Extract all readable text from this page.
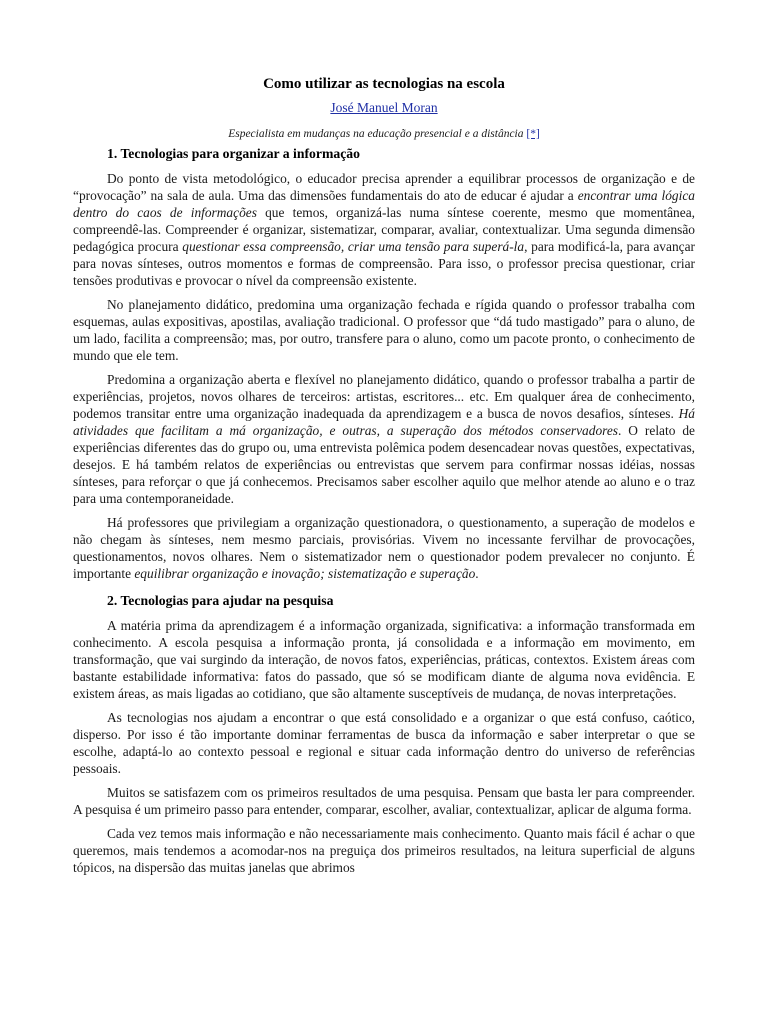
Como utilizar as tecnologias na escola
José Manuel Moran
Especialista em mudanças na educação presencial e a distância [*]
1. Tecnologias para organizar a informação

Do ponto de vista metodológico, o educador precisa aprender a equilibrar processos de organização e de “provocação” na sala de aula. Uma das dimensões fundamentais do ato de educar é ajudar a encontrar uma lógica dentro do caos de informações que temos, organizá-las numa síntese coerente, mesmo que momentânea, compreendê-las. Compreender é organizar, sistematizar, comparar, avaliar, contextualizar. Uma segunda dimensão pedagógica procura questionar essa compreensão, criar uma tensão para superá-la, para modificá-la, para avançar para novas sínteses, outros momentos e formas de compreensão. Para isso, o professor precisa questionar, criar tensões produtivas e provocar o nível da compreensão existente.

No planejamento didático, predomina uma organização fechada e rígida quando o professor trabalha com esquemas, aulas expositivas, apostilas, avaliação tradicional. O professor que “dá tudo mastigado” para o aluno, de um lado, facilita a compreensão; mas, por outro, transfere para o aluno, como um pacote pronto, o conhecimento de mundo que ele tem.

Predomina a organização aberta e flexível no planejamento didático, quando o professor trabalha a partir de experiências, projetos, novos olhares de terceiros: artistas, escritores... etc. Em qualquer área de conhecimento, podemos transitar entre uma organização inadequada da aprendizagem e a busca de novos desafios, sínteses. Há atividades que facilitam a má organização, e outras, a superação dos métodos conservadores. O relato de experiências diferentes das do grupo ou, uma entrevista polêmica podem desencadear novas questões, expectativas, desejos. E há também relatos de experiências ou entrevistas que servem para confirmar nossas idéias, nossas sínteses, para reforçar o que já conhecemos. Precisamos saber escolher aquilo que melhor atende ao aluno e o traz para uma contemporaneidade.

Há professores que privilegiam a organização questionadora, o questionamento, a superação de modelos e não chegam às sínteses, nem mesmo parciais, provisórias. Vivem no incessante fervilhar de provocações, questionamentos, novos olhares. Nem o sistematizador nem o questionador podem prevalecer no conjunto. É importante equilibrar organização e inovação; sistematização e superação.

2. Tecnologias para ajudar na pesquisa

A matéria prima da aprendizagem é a informação organizada, significativa: a informação transformada em conhecimento. A escola pesquisa a informação pronta, já consolidada e a informação em movimento, em transformação, que vai surgindo da interação, de novos fatos, experiências, práticas, contextos. Existem áreas com bastante estabilidade informativa: fatos do passado, que só se modificam diante de alguma nova evidência. E existem áreas, as mais ligadas ao cotidiano, que são altamente susceptíveis de mudança, de novas interpretações.

As tecnologias nos ajudam a encontrar o que está consolidado e a organizar o que está confuso, caótico, disperso. Por isso é tão importante dominar ferramentas de busca da informação e saber interpretar o que se escolhe, adaptá-lo ao contexto pessoal e regional e situar cada informação dentro do universo de referências pessoais.

Muitos se satisfazem com os primeiros resultados de uma pesquisa. Pensam que basta ler para compreender. A pesquisa é um primeiro passo para entender, comparar, escolher, avaliar, contextualizar, aplicar de alguma forma.

Cada vez temos mais informação e não necessariamente mais conhecimento. Quanto mais fácil é achar o que queremos, mais tendemos a acomodar-nos na preguiça dos primeiros resultados, na leitura superficial de alguns tópicos, na dispersão das muitas janelas que abrimos
